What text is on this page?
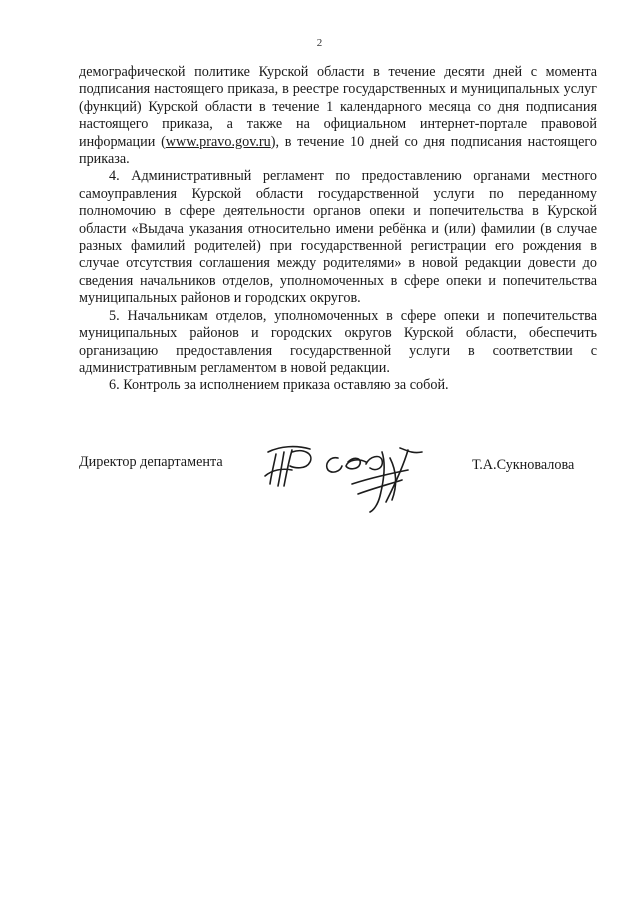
2

демографической политике Курской области в течение десяти дней с момента подписания настоящего приказа, в реестре государственных и муниципальных услуг (функций) Курской области в течение 1 календарного месяца со дня подписания настоящего приказа, а также на официальном интернет-портале правовой информации (www.pravo.gov.ru), в течение 10 дней со дня подписания настоящего приказа.

4. Административный регламент по предоставлению органами местного самоуправления Курской области государственной услуги по переданному полномочию в сфере деятельности органов опеки и попечительства в Курской области «Выдача указания относительно имени ребёнка и (или) фамилии (в случае разных фамилий родителей) при государственной регистрации его рождения в случае отсутствия соглашения между родителями» в новой редакции довести до сведения начальников отделов, уполномоченных в сфере опеки и попечительства муниципальных районов и городских округов.

5. Начальникам отделов, уполномоченных в сфере опеки и попечительства муниципальных районов и городских округов Курской области, обеспечить организацию предоставления государственной услуги в соответствии с административным регламентом в новой редакции.

6. Контроль за исполнением приказа оставляю за собой.

Директор департамента	Т.А.Сукновалова
